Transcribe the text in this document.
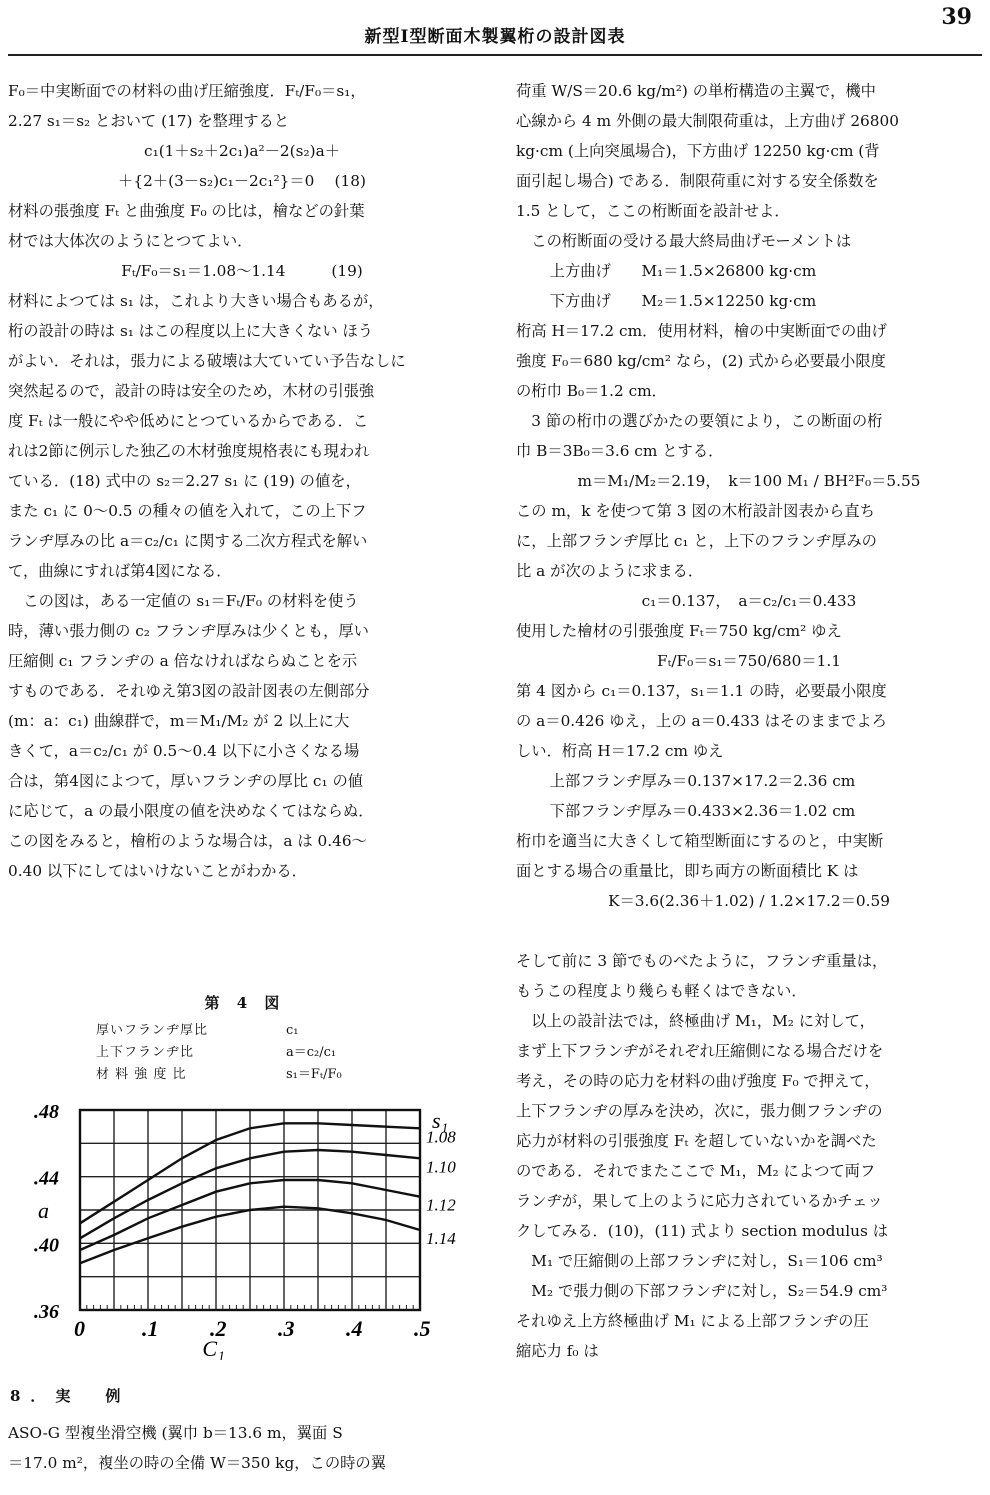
39
新型I型断面木製翼桁の設計図表

F₀＝中実断面での材料の曲げ圧縮強度．Fₜ/F₀＝s₁，

2.27 s₁＝s₂ とおいて (17) を整理すると

c₁(1＋s₂＋2c₁)a²－2(s₂)a＋

＋{2＋(3－s₂)c₁－2c₁²}＝0　 (18)

材料の張強度 Fₜ と曲強度 F₀ の比は，檜などの針葉

材では大体次のようにとつてよい．

Fₜ/F₀＝s₁＝1.08～1.14　　　(19)

材料によつては s₁ は，これより大きい場合もあるが，

桁の設計の時は s₁ はこの程度以上に大きくない ほう

がよい．それは，張力による破壊は大ていてい予告なしに

突然起るので，設計の時は安全のため，木材の引張強

度 Fₜ は一般にやや低めにとつているからである．こ

れは2節に例示した独乙の木材強度規格表にも現われ

ている．(18) 式中の s₂＝2.27 s₁ に (19) の値を，

また c₁ に 0～0.5 の種々の値を入れて，この上下フ

ランヂ厚みの比 a＝c₂/c₁ に関する二次方程式を解い

て，曲線にすれば第4図になる．

この図は，ある一定値の s₁＝Fₜ/F₀ の材料を使う

時，薄い張力側の c₂ フランヂ厚みは少くとも，厚い

圧縮側 c₁ フランヂの a 倍なければならぬことを示

すものである．それゆえ第3図の設計図表の左側部分

(m：a：c₁) 曲線群で，m＝M₁/M₂ が 2 以上に大

きくて，a＝c₂/c₁ が 0.5～0.4 以下に小さくなる場

合は，第4図によつて，厚いフランヂの厚比 c₁ の値

に応じて，a の最小限度の値を決めなくてはならぬ．

この図をみると，檜桁のような場合は，a は 0.46～

0.40 以下にしてはいけないことがわかる．

第 4 図
厚いフランヂ厚比	c₁
上下フランヂ比	a＝c₂/c₁
材 料 強 度 比	s₁＝Fₜ/F₀
1.08
1.10
1.12
1.14
0	.1 .2 .3 .4 .5
.36
.40
.44
.48
C₁
a
s₁
8．実　例

ASO-G 型複坐滑空機 (翼巾 b＝13.6 m，翼面 S

＝17.0 m²，複坐の時の全備 W＝350 kg，この時の翼

荷重 W/S＝20.6 kg/m²) の単桁構造の主翼で，機中

心線から 4 m 外側の最大制限荷重は，上方曲げ 26800

kg·cm (上向突風場合)，下方曲げ 12250 kg·cm (背

面引起し場合) である．制限荷重に対する安全係数を

1.5 として，ここの桁断面を設計せよ．

この桁断面の受ける最大終局曲げモーメントは

上方曲げ　　M₁＝1.5×26800 kg·cm

下方曲げ　　M₂＝1.5×12250 kg·cm

桁高 H＝17.2 cm．使用材料，檜の中実断面での曲げ

強度 F₀＝680 kg/cm² なら，(2) 式から必要最小限度

の桁巾 B₀＝1.2 cm．

3 節の桁巾の選びかたの要領により，この断面の桁

巾 B＝3B₀＝3.6 cm とする．

m＝M₁/M₂＝2.19，　k＝100 M₁ / BH²F₀＝5.55

この m，k を使つて第 3 図の木桁設計図表から直ち

に，上部フランヂ厚比 c₁ と，上下のフランヂ厚みの

比 a が次のように求まる．

c₁＝0.137，　a＝c₂/c₁＝0.433

使用した檜材の引張強度 Fₜ＝750 kg/cm² ゆえ

Fₜ/F₀＝s₁＝750/680＝1.1

第 4 図から c₁＝0.137，s₁＝1.1 の時，必要最小限度

の a＝0.426 ゆえ，上の a＝0.433 はそのままでよろ

しい．桁高 H＝17.2 cm ゆえ

上部フランヂ厚み＝0.137×17.2＝2.36 cm

下部フランヂ厚み＝0.433×2.36＝1.02 cm

桁巾を適当に大きくして箱型断面にするのと，中実断

面とする場合の重量比，即ち両方の断面積比 K は

K＝3.6(2.36＋1.02) / 1.2×17.2＝0.59

そして前に 3 節でものべたように，フランヂ重量は，

もうこの程度より幾らも軽くはできない．

以上の設計法では，終極曲げ M₁，M₂ に対して，

まず上下フランヂがそれぞれ圧縮側になる場合だけを

考え，その時の応力を材料の曲げ強度 F₀ で押えて，

上下フランヂの厚みを決め，次に，張力側フランヂの

応力が材料の引張強度 Fₜ を超していないかを調べた

のである．それでまたここで M₁，M₂ によつて両フ

ランヂが，果して上のように応力されているかチェッ

クしてみる．(10)，(11) 式より section modulus は

M₁ で圧縮側の上部フランヂに対し，S₁＝106 cm³

M₂ で張力側の下部フランヂに対し，S₂＝54.9 cm³

それゆえ上方終極曲げ M₁ による上部フランヂの圧

縮応力 f₀ は
